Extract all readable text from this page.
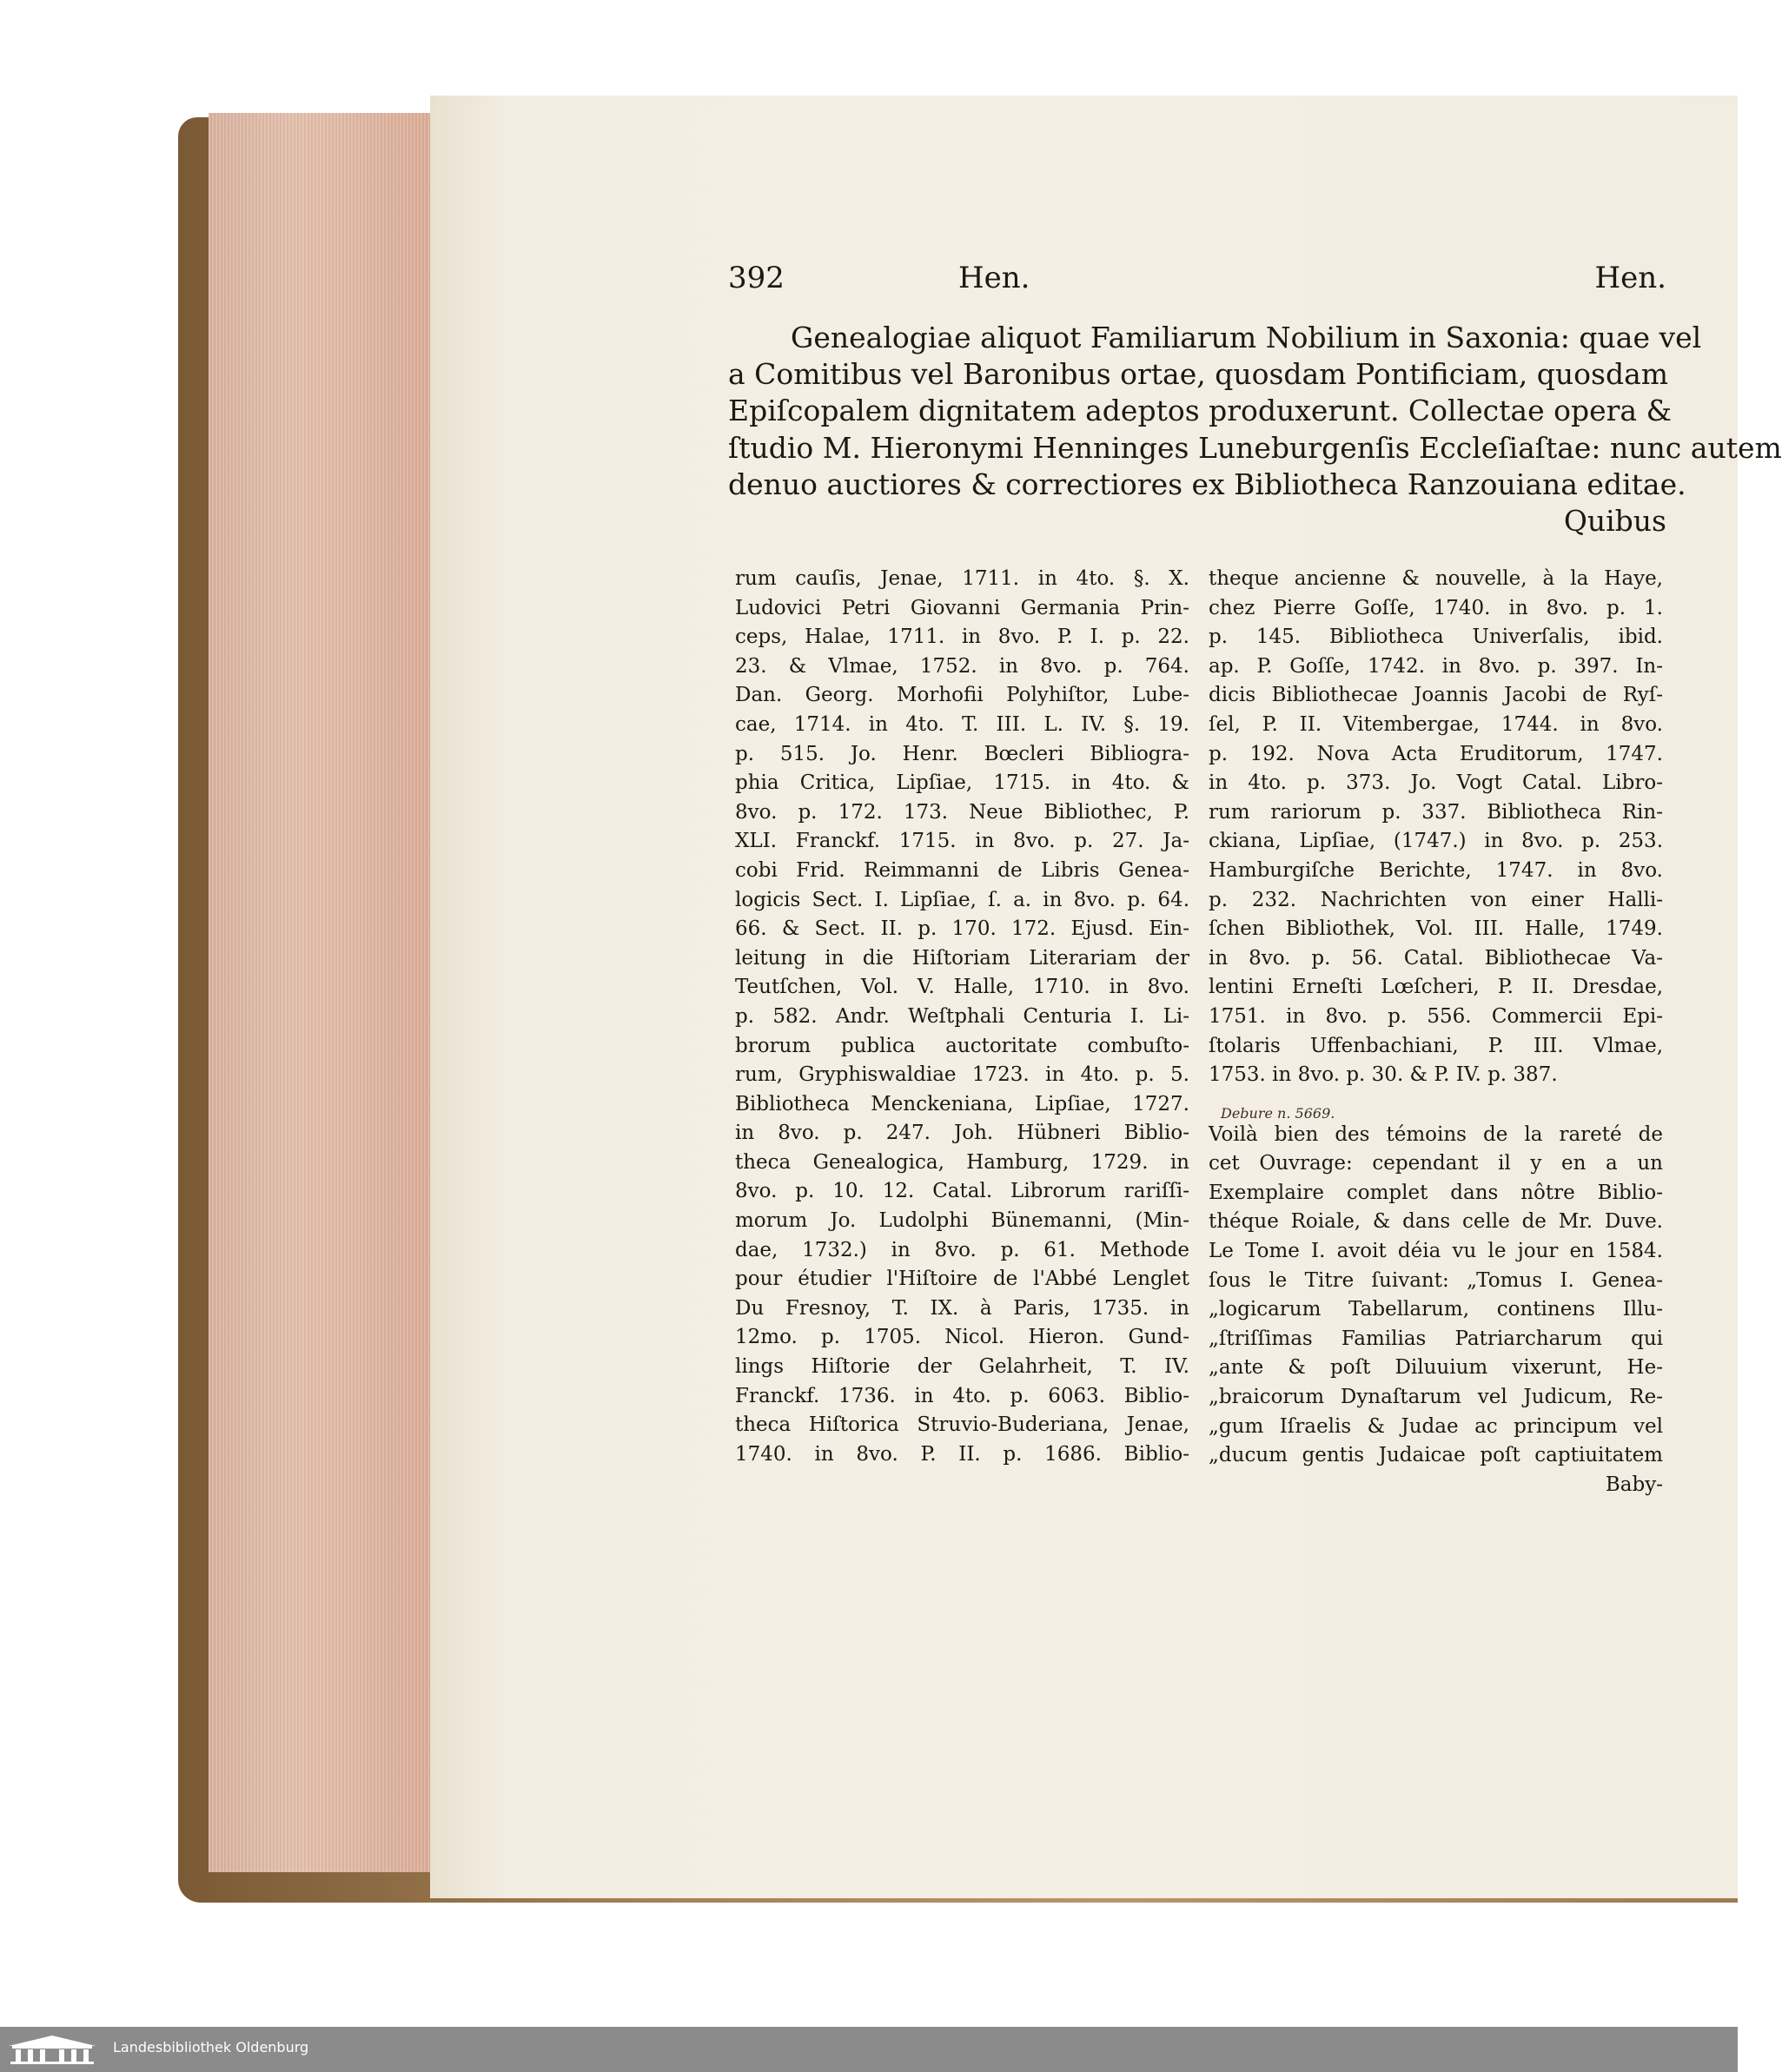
392	Hen.	Hen.
Genealogiae aliquot Familiarum Nobilium in Saxonia: quae vel
a Comitibus vel Baronibus ortae, quosdam Pontificiam, quosdam
Epiſcopalem dignitatem adeptos produxerunt. Collectae opera &
ſtudio M. Hieronymi Henninges Luneburgenſis Eccleſiaſtae: nunc autem
denuo auctiores & correctiores ex Bibliotheca Ranzouiana editae.
Quibus
rum cauſis, Jenae, 1711. in 4to. §. X.
Ludovici Petri Giovanni Germania Prin-
ceps, Halae, 1711. in 8vo. P. I. p. 22.
23. & Vlmae, 1752. in 8vo. p. 764.
Dan. Georg. Morhofii Polyhiſtor, Lube-
cae, 1714. in 4to. T. III. L. IV. §. 19.
p. 515. Jo. Henr. Bœcleri Bibliogra-
phia Critica, Lipſiae, 1715. in 4to. &
8vo. p. 172. 173. Neue Bibliothec, P.
XLI. Franckf. 1715. in 8vo. p. 27. Ja-
cobi Frid. Reimmanni de Libris Genea-
logicis Sect. I. Lipſiae, ſ. a. in 8vo. p. 64.
66. & Sect. II. p. 170. 172. Ejusd. Ein-
leitung in die Hiſtoriam Literariam der
Teutſchen, Vol. V. Halle, 1710. in 8vo.
p. 582. Andr. Weſtphali Centuria I. Li-
brorum publica auctoritate combuſto-
rum, Gryphiswaldiae 1723. in 4to. p. 5.
Bibliotheca Menckeniana, Lipſiae, 1727.
in 8vo. p. 247. Joh. Hübneri Biblio-
theca Genealogica, Hamburg, 1729. in
8vo. p. 10. 12. Catal. Librorum rariſſi-
morum Jo. Ludolphi Bünemanni, (Min-
dae, 1732.) in 8vo. p. 61. Methode
pour étudier l'Hiſtoire de l'Abbé Lenglet
Du Fresnoy, T. IX. à Paris, 1735. in
12mo. p. 1705. Nicol. Hieron. Gund-
lings Hiſtorie der Gelahrheit, T. IV.
Franckf. 1736. in 4to. p. 6063. Biblio-
theca Hiſtorica Struvio-Buderiana, Jenae,
1740. in 8vo. P. II. p. 1686. Biblio-
theque ancienne & nouvelle, à la Haye,
chez Pierre Goſſe, 1740. in 8vo. p. 1.
p. 145. Bibliotheca Univerſalis, ibid.
ap. P. Goſſe, 1742. in 8vo. p. 397. In-
dicis Bibliothecae Joannis Jacobi de Ryſ-
ſel, P. II. Vitembergae, 1744. in 8vo.
p. 192. Nova Acta Eruditorum, 1747.
in 4to. p. 373. Jo. Vogt Catal. Libro-
rum rariorum p. 337. Bibliotheca Rin-
ckiana, Lipſiae, (1747.) in 8vo. p. 253.
Hamburgiſche Berichte, 1747. in 8vo.
p. 232. Nachrichten von einer Halli-
ſchen Bibliothek, Vol. III. Halle, 1749.
in 8vo. p. 56. Catal. Bibliothecae Va-
lentini Erneſti Lœſcheri, P. II. Dresdae,
1751. in 8vo. p. 556. Commercii Epi-
ſtolaris Uffenbachiani, P. III. Vlmae,
1753. in 8vo. p. 30. & P. IV. p. 387.
Voilà bien des témoins de la rareté de
cet Ouvrage: cependant il y en a un
Exemplaire complet dans nôtre Biblio-
théque Roiale, & dans celle de Mr. Duve.
Le Tome I. avoit déia vu le jour en 1584.
ſous le Titre ſuivant: „Tomus I. Genea-
„logicarum Tabellarum, continens Illu-
„ſtriſſimas Familias Patriarcharum qui
„ante & poſt Diluuium vixerunt, He-
„braicorum Dynaſtarum vel Judicum, Re-
„gum Iſraelis & Judae ac principum vel
„ducum gentis Judaicae poſt captiuitatem
Baby-
Debure n. 5669.
Landesbibliothek Oldenburg
